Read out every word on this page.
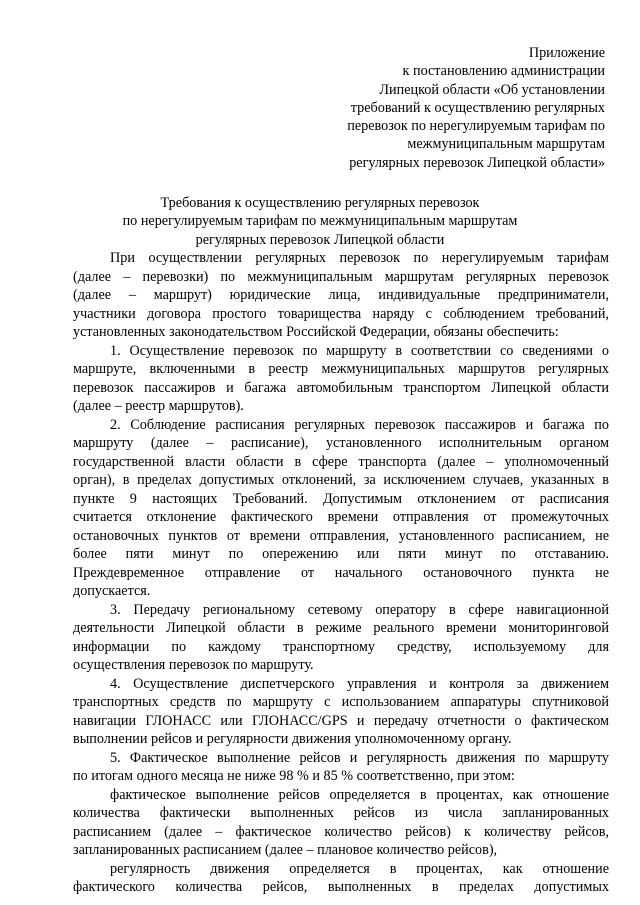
Приложение
к постановлению администрации
Липецкой области «Об установлении
требований к осуществлению регулярных
перевозок по нерегулируемым тарифам по
межмуниципальным маршрутам
регулярных перевозок Липецкой области»
Требования к осуществлению регулярных перевозок
по нерегулируемым тарифам по межмуниципальным маршрутам
регулярных перевозок Липецкой области
При осуществлении регулярных перевозок по нерегулируемым тарифам
(далее – перевозки) по межмуниципальным маршрутам регулярных перевозок
(далее – маршрут) юридические лица, индивидуальные предприниматели,
участники договора простого товарищества наряду с соблюдением требований,
установленных законодательством Российской Федерации, обязаны обеспечить:
1. Осуществление перевозок по маршруту в соответствии со сведениями о
маршруте, включенными в реестр межмуниципальных маршрутов регулярных
перевозок пассажиров и багажа автомобильным транспортом Липецкой области
(далее – реестр маршрутов).
2. Соблюдение расписания регулярных перевозок пассажиров и багажа по
маршруту (далее – расписание), установленного исполнительным органом
государственной власти области в сфере транспорта (далее – уполномоченный
орган), в пределах допустимых отклонений, за исключением случаев, указанных в
пункте 9 настоящих Требований. Допустимым отклонением от расписания
считается отклонение фактического времени отправления от промежуточных
остановочных пунктов от времени отправления, установленного расписанием, не
более пяти минут по опережению или пяти минут по отставанию.
Преждевременное отправление от начального остановочного пункта не
допускается.
3. Передачу региональному сетевому оператору в сфере навигационной
деятельности Липецкой области в режиме реального времени мониторинговой
информации по каждому транспортному средству, используемому для
осуществления перевозок по маршруту.
4. Осуществление диспетчерского управления и контроля за движением
транспортных средств по маршруту с использованием аппаратуры спутниковой
навигации ГЛОНАСС или ГЛОНАСС/GPS и передачу отчетности о фактическом
выполнении рейсов и регулярности движения уполномоченному органу.
5. Фактическое выполнение рейсов и регулярность движения по маршруту
по итогам одного месяца не ниже 98 % и 85 % соответственно, при этом:
фактическое выполнение рейсов определяется в процентах, как отношение
количества фактически выполненных рейсов из числа запланированных
расписанием (далее – фактическое количество рейсов) к количеству рейсов,
запланированных расписанием (далее – плановое количество рейсов),
регулярность движения определяется в процентах, как отношение
фактического количества рейсов, выполненных в пределах допустимых
